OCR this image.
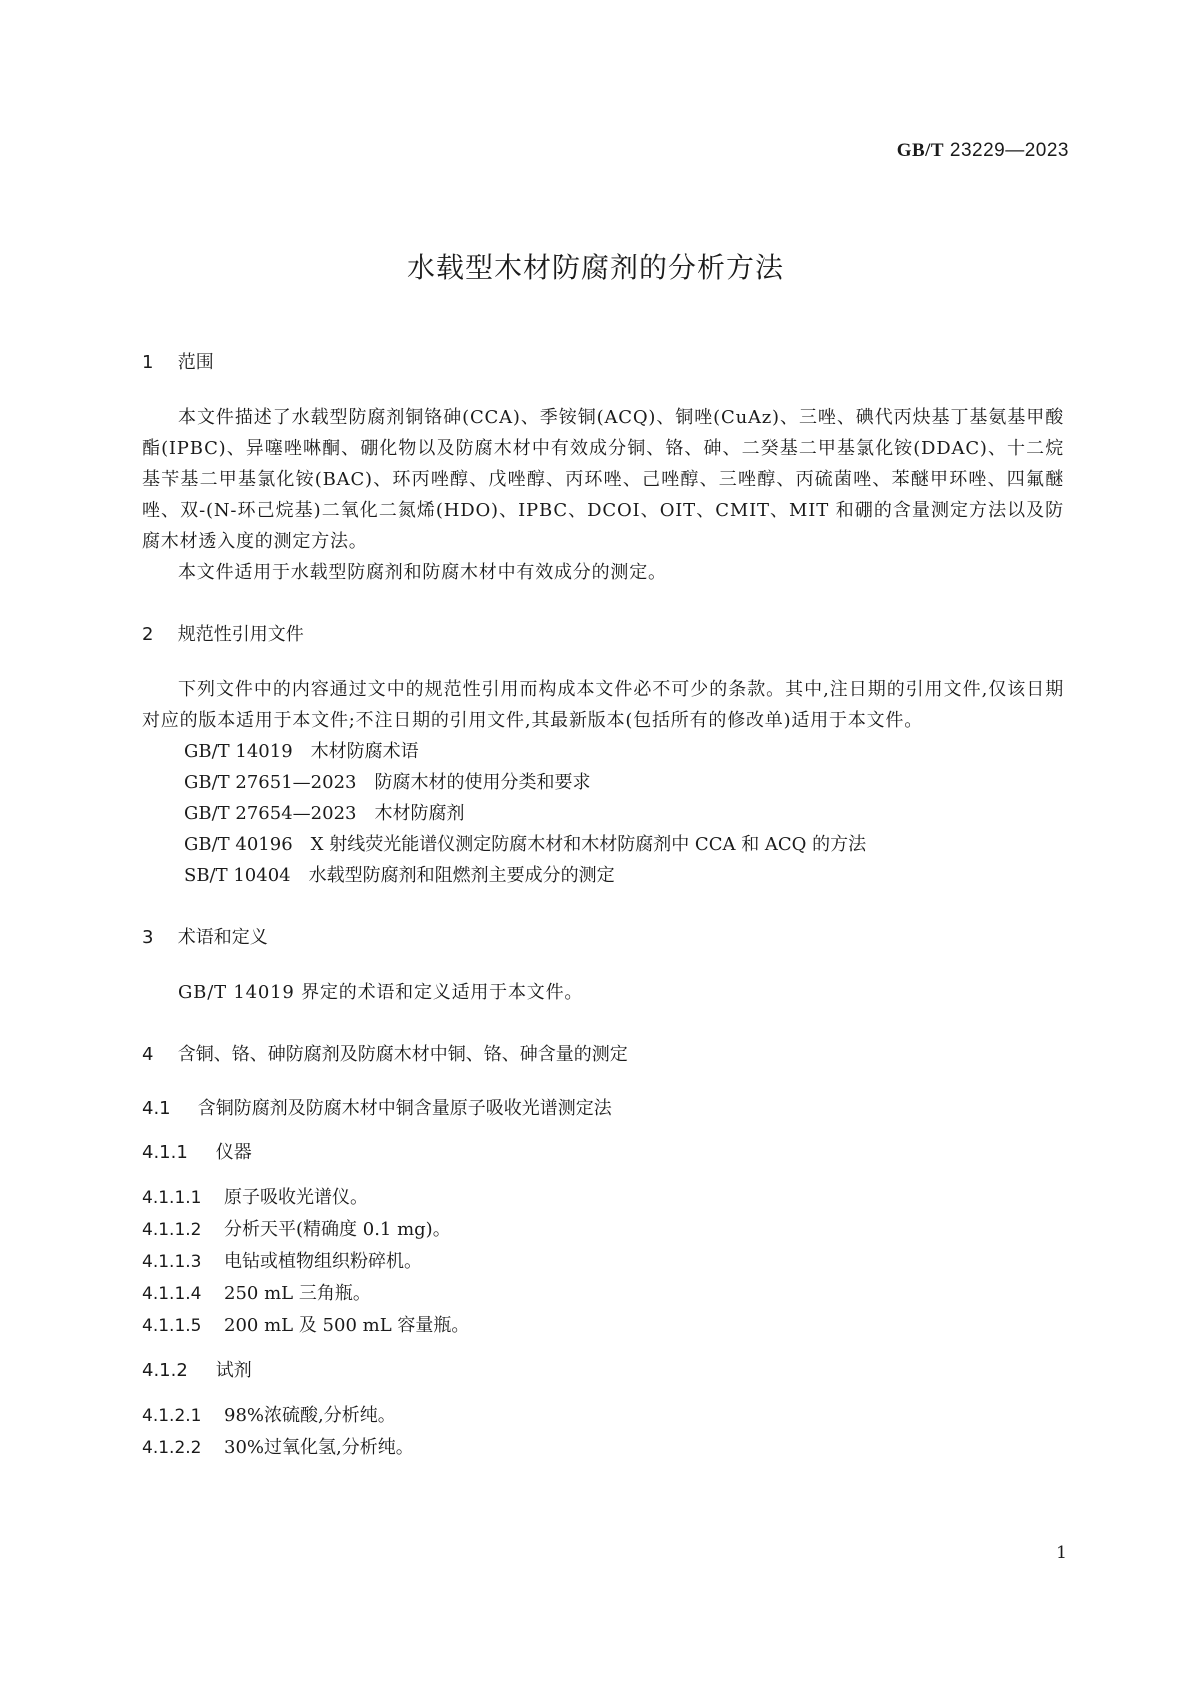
GB/T 23229—2023
水载型木材防腐剂的分析方法
1 范围

本文件描述了水载型防腐剂铜铬砷(CCA)、季铵铜(ACQ)、铜唑(CuAz)、三唑、碘代丙炔基丁基氨基甲酸酯(IPBC)、异噻唑啉酮、硼化物以及防腐木材中有效成分铜、铬、砷、二癸基二甲基氯化铵(DDAC)、十二烷基苄基二甲基氯化铵(BAC)、环丙唑醇、戊唑醇、丙环唑、己唑醇、三唑醇、丙硫菌唑、苯醚甲环唑、四氟醚唑、双-(N-环己烷基)二氧化二氮烯(HDO)、IPBC、DCOI、OIT、CMIT、MIT 和硼的含量测定方法以及防腐木材透入度的测定方法。

本文件适用于水载型防腐剂和防腐木材中有效成分的测定。

2 规范性引用文件

下列文件中的内容通过文中的规范性引用而构成本文件必不可少的条款。其中,注日期的引用文件,仅该日期对应的版本适用于本文件;不注日期的引用文件,其最新版本(包括所有的修改单)适用于本文件。

GB/T 14019 木材防腐术语

GB/T 27651—2023 防腐木材的使用分类和要求

GB/T 27654—2023 木材防腐剂

GB/T 40196 X 射线荧光能谱仪测定防腐木材和木材防腐剂中 CCA 和 ACQ 的方法

SB/T 10404 水载型防腐剂和阻燃剂主要成分的测定

3 术语和定义

GB/T 14019 界定的术语和定义适用于本文件。

4 含铜、铬、砷防腐剂及防腐木材中铜、铬、砷含量的测定
4.1 含铜防腐剂及防腐木材中铜含量原子吸收光谱测定法
4.1.1 仪器

4.1.1.1 原子吸收光谱仪。

4.1.1.2 分析天平(精确度 0.1 mg)。

4.1.1.3 电钻或植物组织粉碎机。

4.1.1.4 250 mL 三角瓶。

4.1.1.5 200 mL 及 500 mL 容量瓶。

4.1.2 试剂

4.1.2.1 98%浓硫酸,分析纯。

4.1.2.2 30%过氧化氢,分析纯。

1
